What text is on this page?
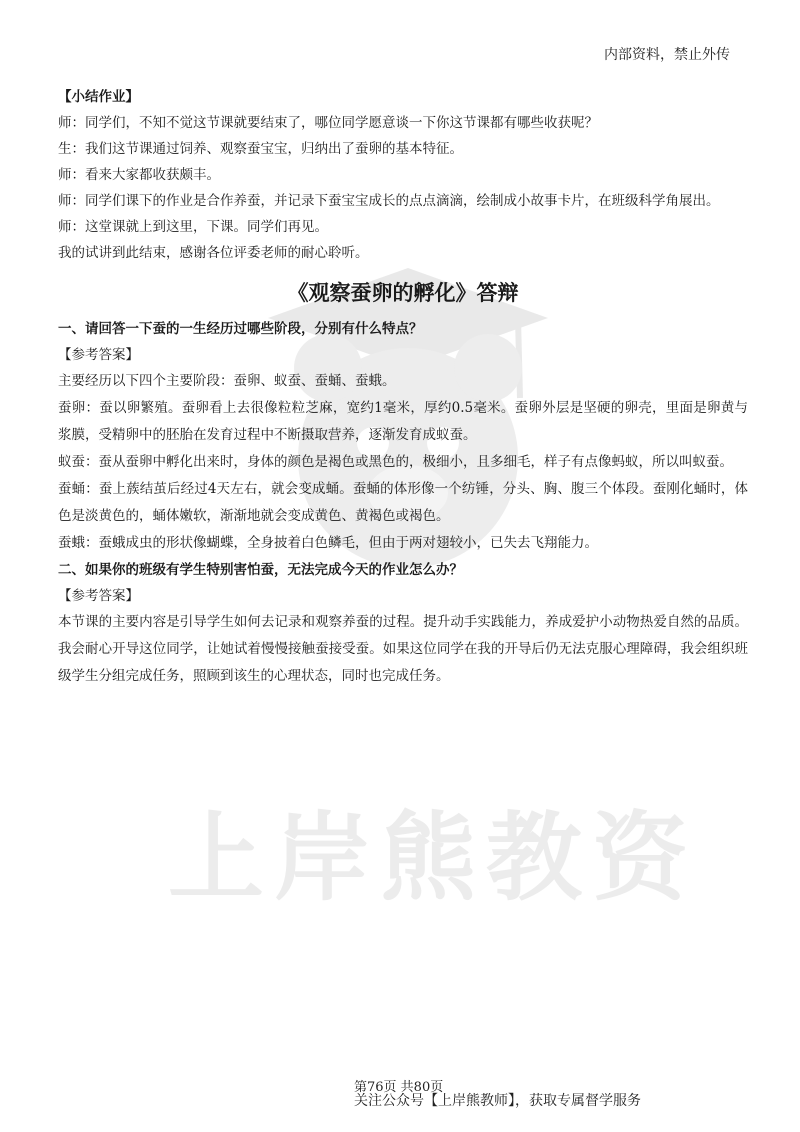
内部资料，禁止外传
上岸熊教资

【小结作业】

师：同学们，不知不觉这节课就要结束了，哪位同学愿意谈一下你这节课都有哪些收获呢？

生：我们这节课通过饲养、观察蚕宝宝，归纳出了蚕卵的基本特征。

师：看来大家都收获颇丰。

师：同学们课下的作业是合作养蚕，并记录下蚕宝宝成长的点点滴滴，绘制成小故事卡片，在班级科学角展出。

师：这堂课就上到这里，下课。同学们再见。

我的试讲到此结束，感谢各位评委老师的耐心聆听。

《观察蚕卵的孵化》答辩

一、请回答一下蚕的一生经历过哪些阶段，分别有什么特点？

【参考答案】

主要经历以下四个主要阶段：蚕卵、蚁蚕、蚕蛹、蚕蛾。

蚕卵：蚕以卵繁殖。蚕卵看上去很像粒粒芝麻，宽约1毫米，厚约0.5毫米。蚕卵外层是坚硬的卵壳，里面是卵黄与浆膜，受精卵中的胚胎在发育过程中不断摄取营养，逐渐发育成蚁蚕。

蚁蚕：蚕从蚕卵中孵化出来时，身体的颜色是褐色或黑色的，极细小，且多细毛，样子有点像蚂蚁，所以叫蚁蚕。

蚕蛹：蚕上蔟结茧后经过4天左右，就会变成蛹。蚕蛹的体形像一个纺锤，分头、胸、腹三个体段。蚕刚化蛹时，体色是淡黄色的，蛹体嫩软，渐渐地就会变成黄色、黄褐色或褐色。

蚕蛾：蚕蛾成虫的形状像蝴蝶，全身披着白色鳞毛，但由于两对翅较小，已失去飞翔能力。

二、如果你的班级有学生特别害怕蚕，无法完成今天的作业怎么办？

【参考答案】

本节课的主要内容是引导学生如何去记录和观察养蚕的过程。提升动手实践能力，养成爱护小动物热爱自然的品质。我会耐心开导这位同学，让她试着慢慢接触蚕接受蚕。如果这位同学在我的开导后仍无法克服心理障碍，我会组织班级学生分组完成任务，照顾到该生的心理状态，同时也完成任务。

第76页 共80页
关注公众号【上岸熊教师】，获取专属督学服务
